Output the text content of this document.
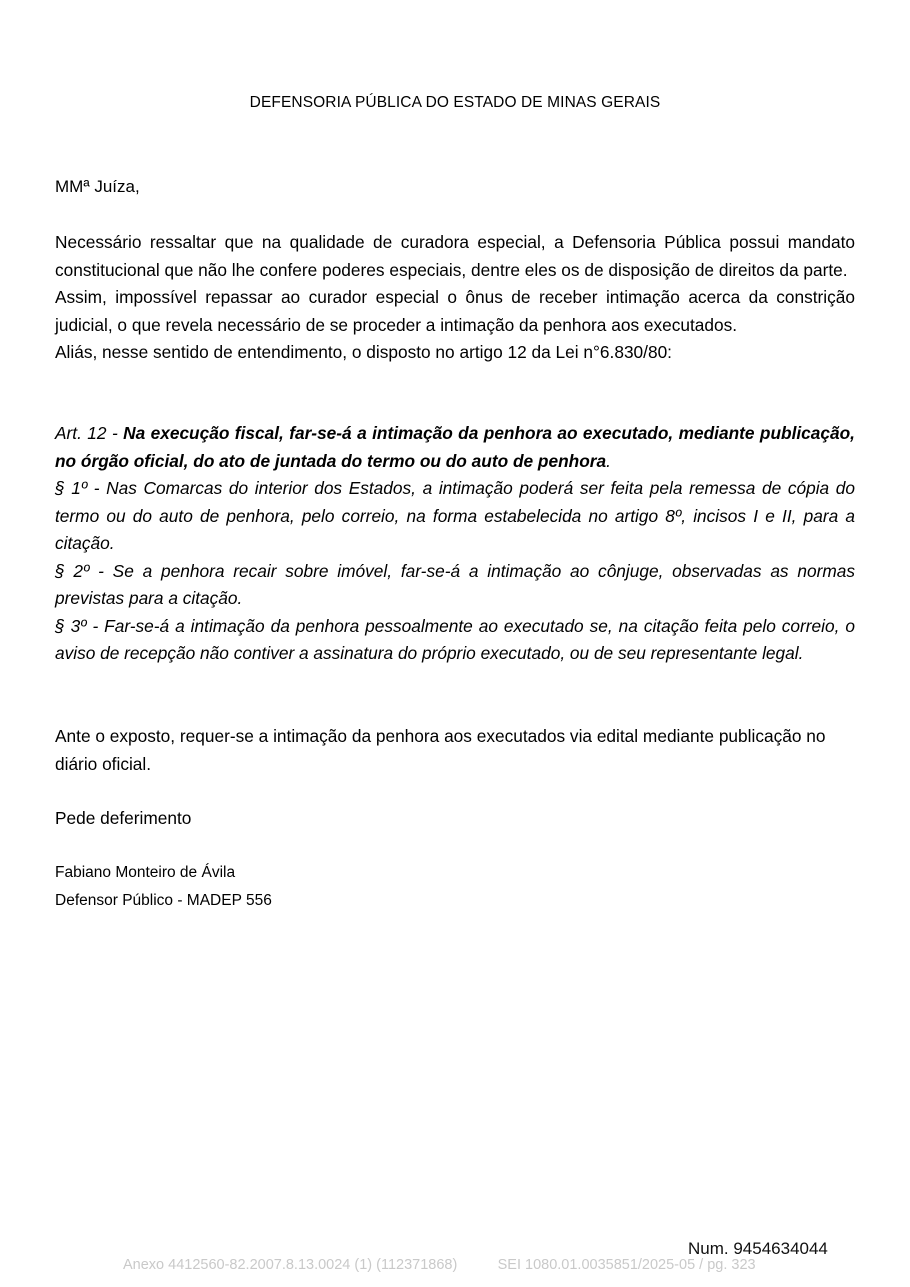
DEFENSORIA PÚBLICA DO ESTADO DE MINAS GERAIS
MMª Juíza,

Necessário ressaltar que na qualidade de curadora especial, a Defensoria Pública possui mandato constitucional que não lhe confere poderes especiais, dentre eles os de disposição de direitos da parte.

Assim, impossível repassar ao curador especial o ônus de receber intimação acerca da constrição judicial, o que revela necessário de se proceder a intimação da penhora aos executados.

Aliás, nesse sentido de entendimento, o disposto no artigo 12 da Lei n°6.830/80:

Art. 12 - Na execução fiscal, far-se-á a intimação da penhora ao executado, mediante publicação, no órgão oficial, do ato de juntada do termo ou do auto de penhora.

§ 1º - Nas Comarcas do interior dos Estados, a intimação poderá ser feita pela remessa de cópia do termo ou do auto de penhora, pelo correio, na forma estabelecida no artigo 8º, incisos I e II, para a citação.

§ 2º - Se a penhora recair sobre imóvel, far-se-á a intimação ao cônjuge, observadas as normas previstas para a citação.

§ 3º - Far-se-á a intimação da penhora pessoalmente ao executado se, na citação feita pelo correio, o aviso de recepção não contiver a assinatura do próprio executado, ou de seu representante legal.

Ante o exposto, requer-se a intimação da penhora aos executados via edital mediante publicação no diário oficial.
Pede deferimento
Fabiano Monteiro de Ávila
Defensor Público - MADEP 556
Num. 9454634044
Anexo 4412560-82.2007.8.13.0024 (1) (112371868)	SEI 1080.01.0035851/2025-05 / pg. 323
